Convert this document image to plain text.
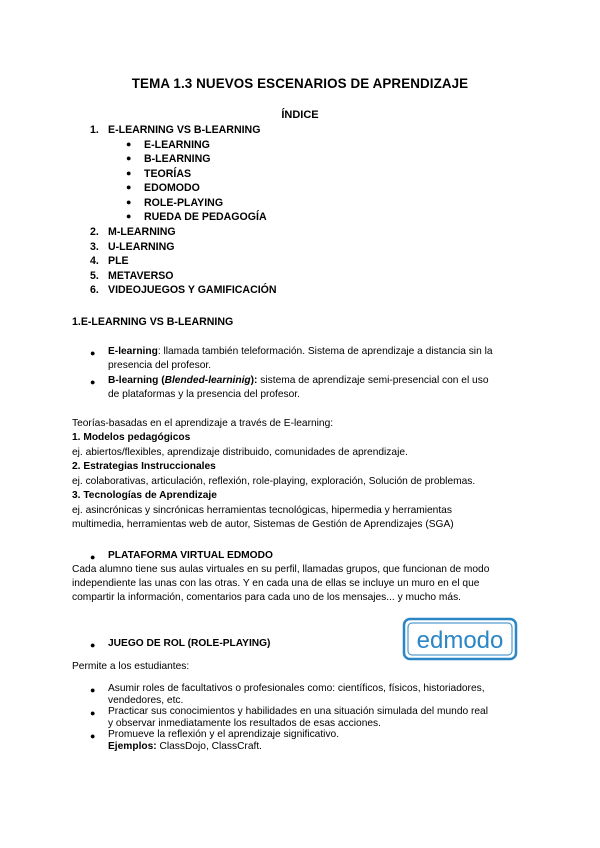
TEMA 1.3 NUEVOS ESCENARIOS DE APRENDIZAJE
ÍNDICE
1. E-LEARNING VS B-LEARNING
● E-LEARNING
● B-LEARNING
● TEORÍAS
● EDOMODO
● ROLE-PLAYING
● RUEDA DE PEDAGOGÍA
2. M-LEARNING
3. U-LEARNING
4. PLE
5. METAVERSO
6. VIDEOJUEGOS Y GAMIFICACIÓN
1.E-LEARNING VS B-LEARNING
● E-learning: llamada también teleformación. Sistema de aprendizaje a distancia sin la
presencia del profesor.
● B-learning (Blended-learninig): sistema de aprendizaje semi-presencial con el uso
de plataformas y la presencia del profesor.
Teorías-basadas en el aprendizaje a través de E-learning:
1. Modelos pedagógicos
ej. abiertos/flexibles, aprendizaje distribuido, comunidades de aprendizaje.
2. Estrategias Instruccionales
ej. colaborativas, articulación, reflexión, role-playing, exploración, Solución de problemas.
3. Tecnologías de Aprendizaje
ej. asincrónicas y sincrónicas herramientas tecnológicas, hipermedia y herramientas
multimedia, herramientas web de autor, Sistemas de Gestión de Aprendizajes (SGA)
● PLATAFORMA VIRTUAL EDMODO
Cada alumno tiene sus aulas virtuales en su perfil, llamadas grupos, que funcionan de modo
independiente las unas con las otras. Y en cada una de ellas se incluye un muro en el que
compartir la información, comentarios para cada uno de los mensajes... y mucho más.
edmodo
● JUEGO DE ROL (ROLE-PLAYING)
Permite a los estudiantes:
● Asumir roles de facultativos o profesionales como: científicos, físicos, historiadores,
vendedores, etc.
● Practicar sus conocimientos y habilidades en una situación simulada del mundo real
y observar inmediatamente los resultados de esas acciones.
● Promueve la reflexión y el aprendizaje significativo.
Ejemplos: ClassDojo, ClassCraft.
